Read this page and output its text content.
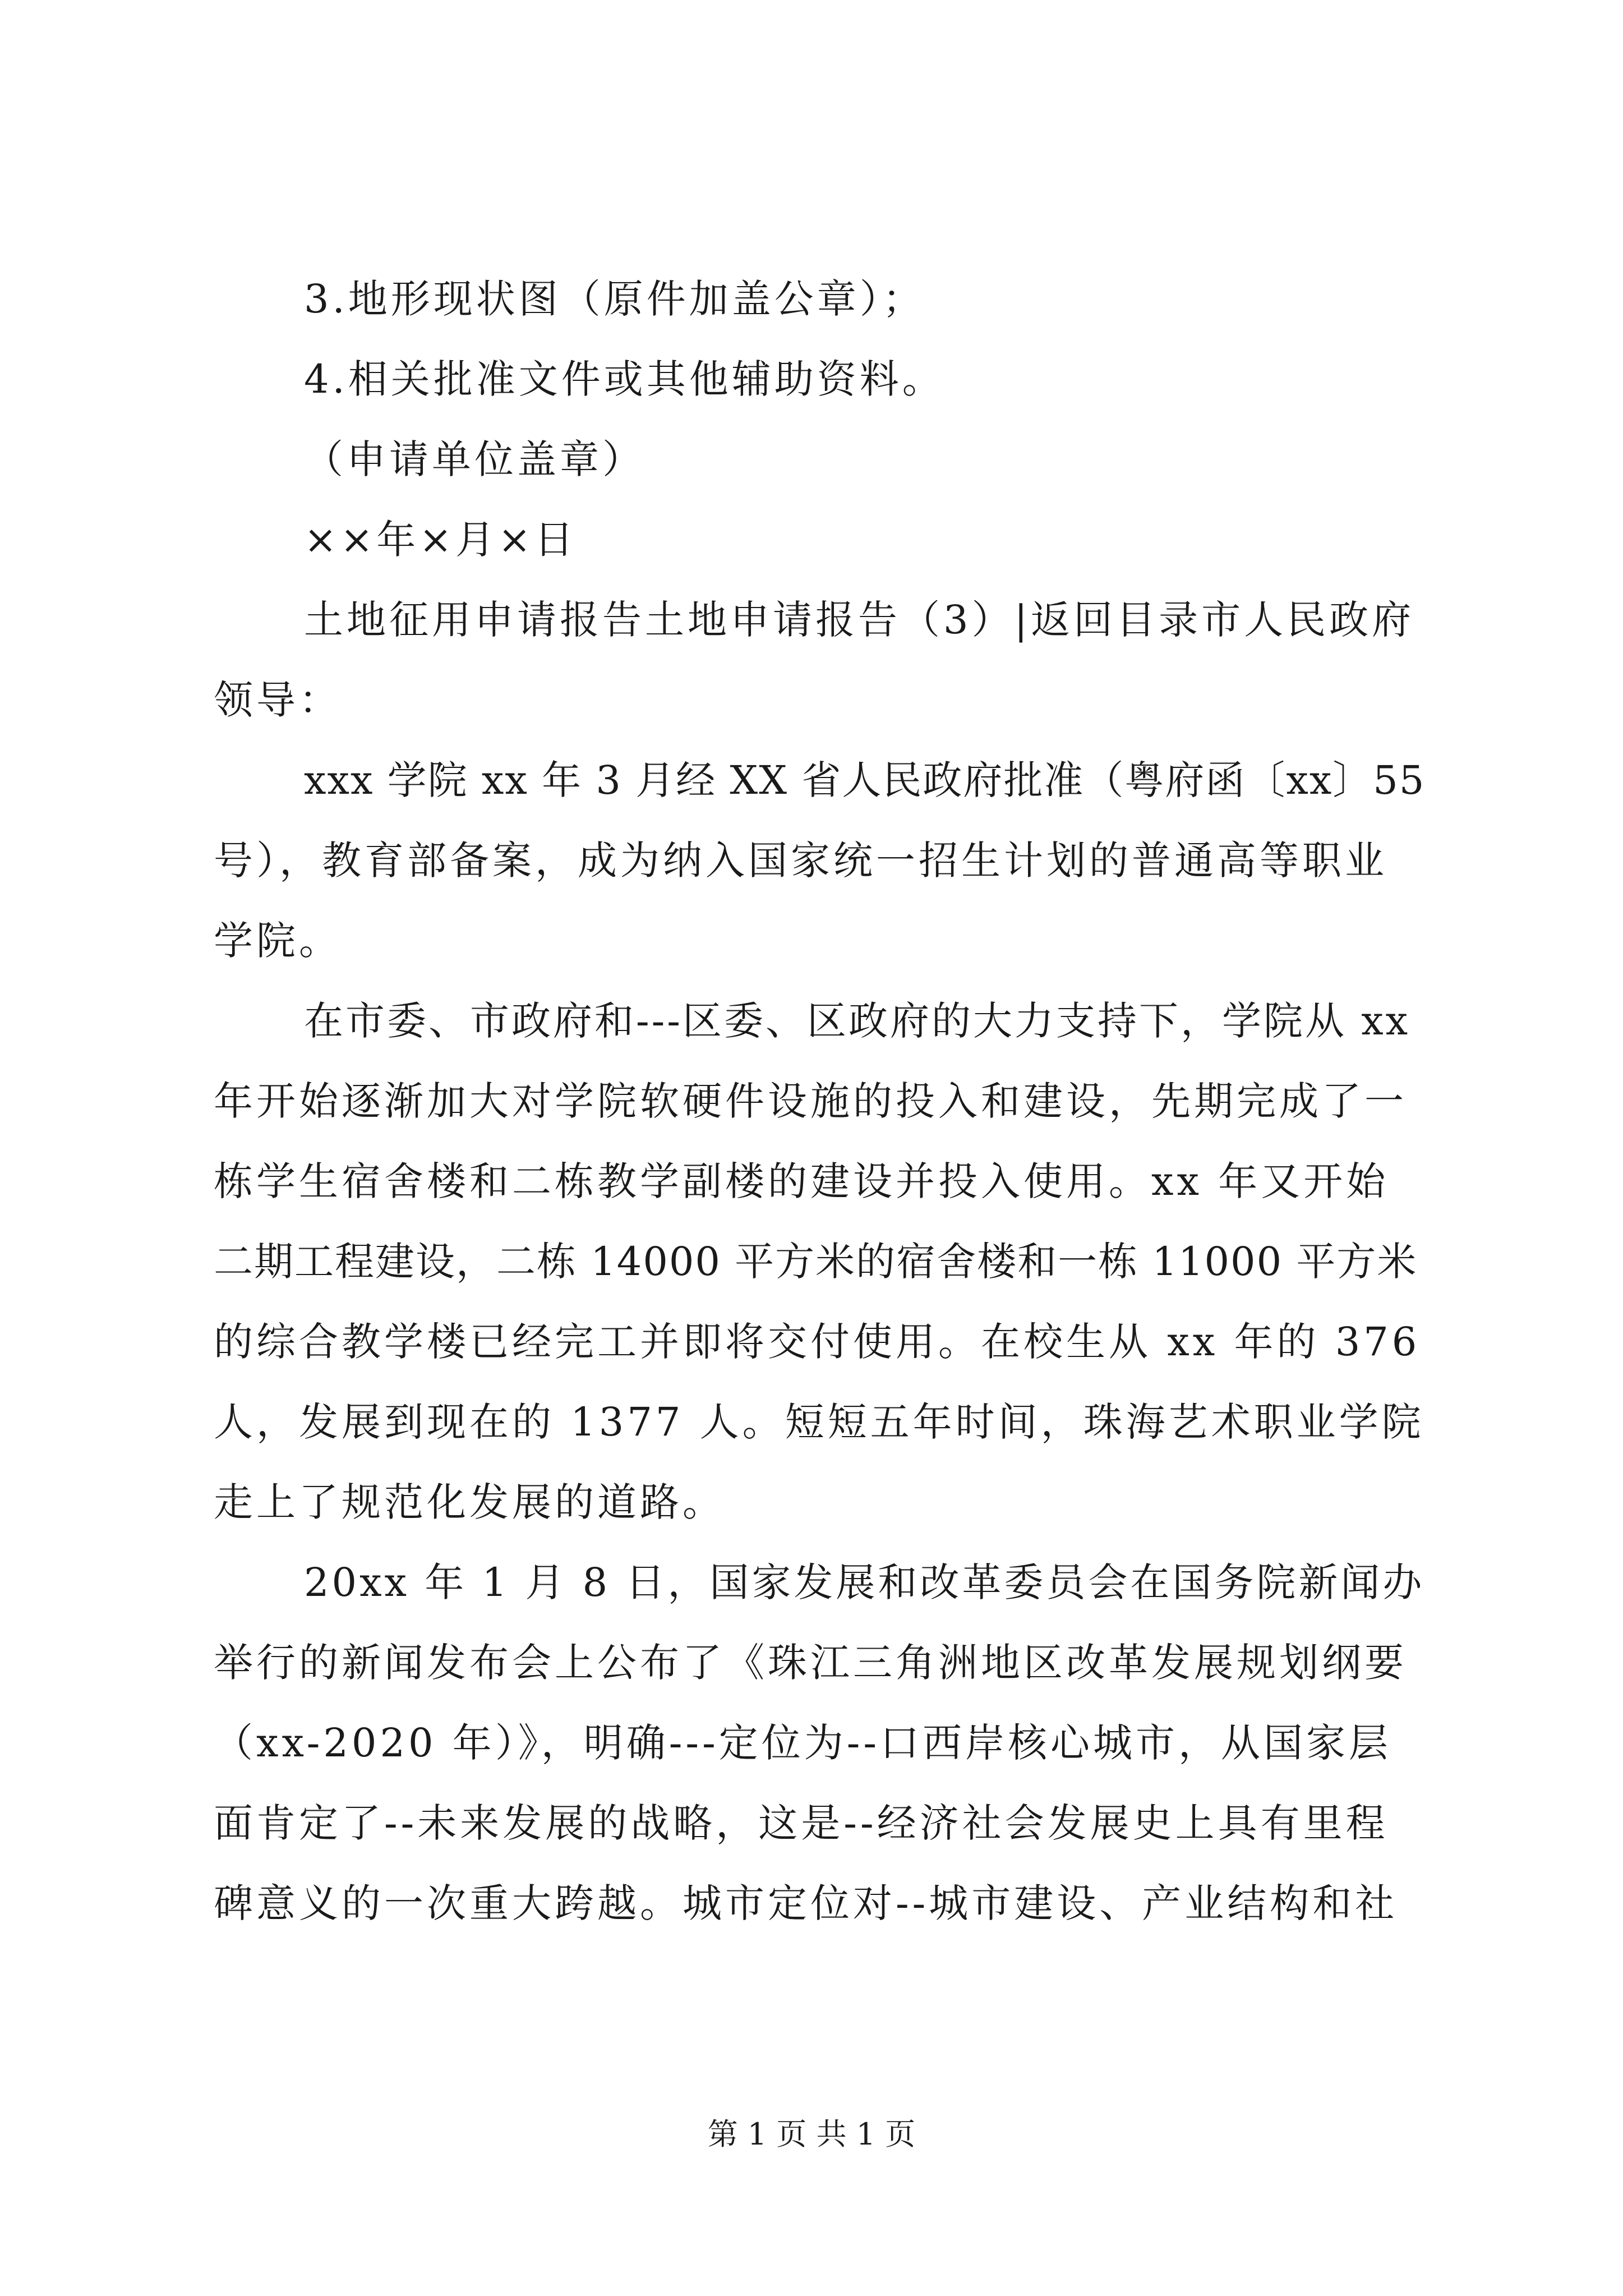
3.地形现状图（原件加盖公章）；
4.相关批准文件或其他辅助资料。
（申请单位盖章）
××年×月×日
土地征用申请报告土地申请报告（3）|返回目录市人民政府
领导：
xxx 学院 xx 年 3 月经 XX 省人民政府批准（粤府函〔xx〕55
号），教育部备案，成为纳入国家统一招生计划的普通高等职业
学院。
在市委、市政府和---区委、区政府的大力支持下，学院从 xx
年开始逐渐加大对学院软硬件设施的投入和建设，先期完成了一
栋学生宿舍楼和二栋教学副楼的建设并投入使用。xx 年又开始
二期工程建设，二栋 14000 平方米的宿舍楼和一栋 11000 平方米
的综合教学楼已经完工并即将交付使用。在校生从 xx 年的 376
人，发展到现在的 1377 人。短短五年时间，珠海艺术职业学院
走上了规范化发展的道路。
20xx 年 1 月 8 日，国家发展和改革委员会在国务院新闻办
举行的新闻发布会上公布了《珠江三角洲地区改革发展规划纲要
（xx-2020 年）》，明确---定位为--口西岸核心城市，从国家层
面肯定了--未来发展的战略，这是--经济社会发展史上具有里程
碑意义的一次重大跨越。城市定位对--城市建设、产业结构和社
第 1 页 共 1 页
